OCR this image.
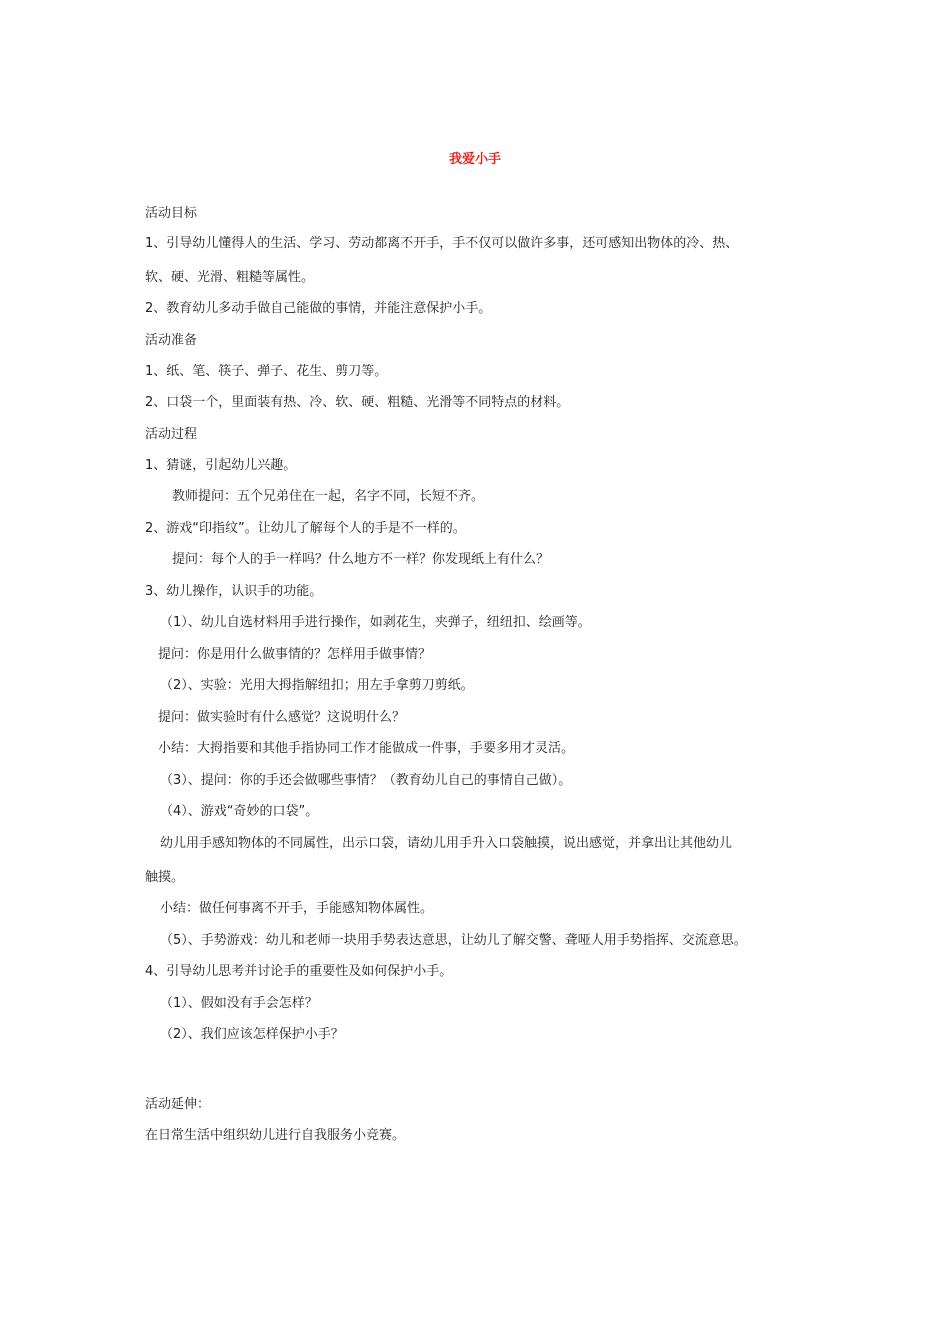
我爱小手
活动目标
1、引导幼儿懂得人的生活、学习、劳动都离不开手，手不仅可以做许多事，还可感知出物体的冷、热、
软、硬、光滑、粗糙等属性。
2、教育幼儿多动手做自己能做的事情，并能注意保护小手。
活动准备
1、纸、笔、筷子、弹子、花生、剪刀等。
2、口袋一个，里面装有热、冷、软、硬、粗糙、光滑等不同特点的材料。
活动过程
1、猜谜，引起幼儿兴趣。
教师提问：五个兄弟住在一起，名字不同，长短不齐。
2、游戏“印指纹”。让幼儿了解每个人的手是不一样的。
提问：每个人的手一样吗？什么地方不一样？你发现纸上有什么？
3、幼儿操作，认识手的功能。
（1）、幼儿自选材料用手进行操作，如剥花生，夹弹子，纽纽扣、绘画等。
提问：你是用什么做事情的？怎样用手做事情？
（2）、实验：光用大拇指解纽扣；用左手拿剪刀剪纸。
提问：做实验时有什么感觉？这说明什么？
小结：大拇指要和其他手指协同工作才能做成一件事，手要多用才灵活。
（3）、提问：你的手还会做哪些事情？（教育幼儿自己的事情自己做）。
（4）、游戏“奇妙的口袋”。
幼儿用手感知物体的不同属性，出示口袋，请幼儿用手升入口袋触摸，说出感觉，并拿出让其他幼儿
触摸。
小结：做任何事离不开手，手能感知物体属性。
（5）、手势游戏：幼儿和老师一块用手势表达意思，让幼儿了解交警、聋哑人用手势指挥、交流意思。
4、引导幼儿思考并讨论手的重要性及如何保护小手。
（1）、假如没有手会怎样？
（2）、我们应该怎样保护小手？
活动延伸：
在日常生活中组织幼儿进行自我服务小竞赛。
